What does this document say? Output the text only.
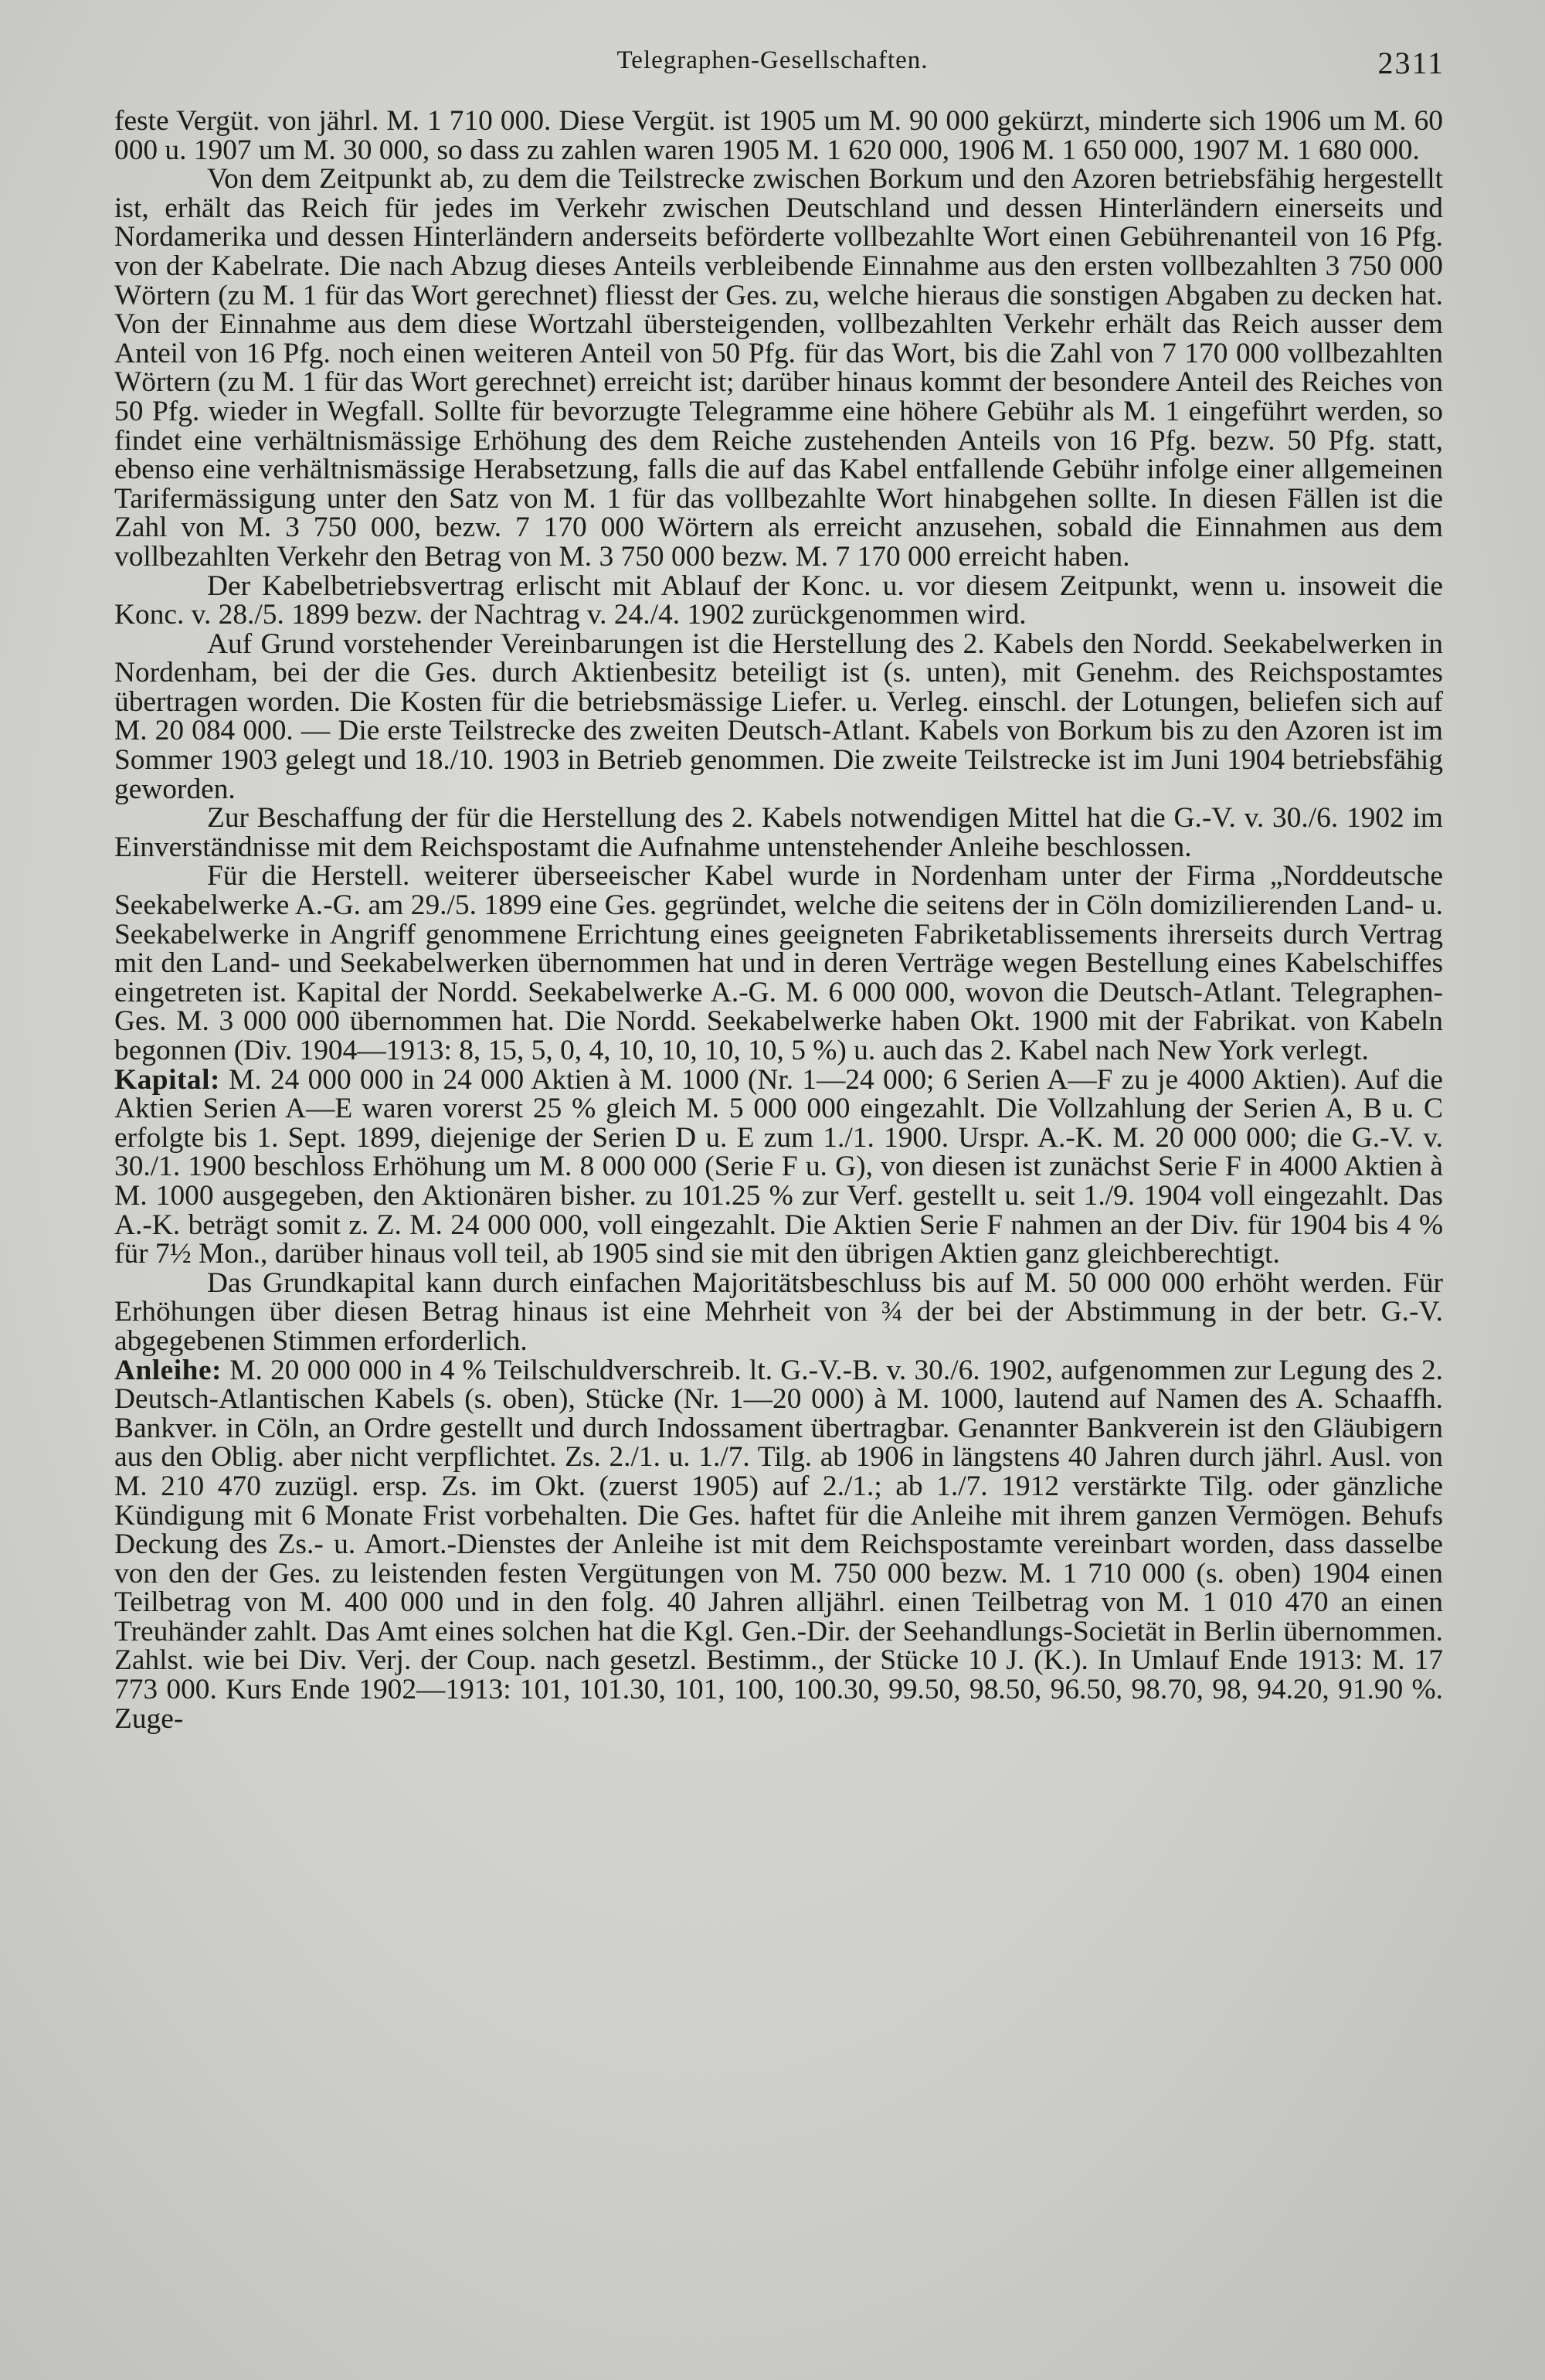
Telegraphen-Gesellschaften.	2311

feste Vergüt. von jährl. M. 1 710 000. Diese Vergüt. ist 1905 um M. 90 000 gekürzt, minderte sich 1906 um M. 60 000 u. 1907 um M. 30 000, so dass zu zahlen waren 1905 M. 1 620 000, 1906 M. 1 650 000, 1907 M. 1 680 000.

Von dem Zeitpunkt ab, zu dem die Teilstrecke zwischen Borkum und den Azoren betriebsfähig hergestellt ist, erhält das Reich für jedes im Verkehr zwischen Deutschland und dessen Hinterländern einerseits und Nordamerika und dessen Hinterländern anderseits beförderte vollbezahlte Wort einen Gebührenanteil von 16 Pfg. von der Kabelrate. Die nach Abzug dieses Anteils verbleibende Einnahme aus den ersten vollbezahlten 3 750 000 Wörtern (zu M. 1 für das Wort gerechnet) fliesst der Ges. zu, welche hieraus die sonstigen Abgaben zu decken hat. Von der Einnahme aus dem diese Wortzahl übersteigenden, vollbezahlten Verkehr erhält das Reich ausser dem Anteil von 16 Pfg. noch einen weiteren Anteil von 50 Pfg. für das Wort, bis die Zahl von 7 170 000 vollbezahlten Wörtern (zu M. 1 für das Wort gerechnet) erreicht ist; darüber hinaus kommt der besondere Anteil des Reiches von 50 Pfg. wieder in Wegfall. Sollte für bevorzugte Telegramme eine höhere Gebühr als M. 1 eingeführt werden, so findet eine verhältnismässige Erhöhung des dem Reiche zustehenden Anteils von 16 Pfg. bezw. 50 Pfg. statt, ebenso eine verhältnismässige Herabsetzung, falls die auf das Kabel entfallende Gebühr infolge einer allgemeinen Tarifermässigung unter den Satz von M. 1 für das vollbezahlte Wort hinabgehen sollte. In diesen Fällen ist die Zahl von M. 3 750 000, bezw. 7 170 000 Wörtern als erreicht anzusehen, sobald die Einnahmen aus dem vollbezahlten Verkehr den Betrag von M. 3 750 000 bezw. M. 7 170 000 erreicht haben.

Der Kabelbetriebsvertrag erlischt mit Ablauf der Konc. u. vor diesem Zeitpunkt, wenn u. insoweit die Konc. v. 28./5. 1899 bezw. der Nachtrag v. 24./4. 1902 zurückgenommen wird.

Auf Grund vorstehender Vereinbarungen ist die Herstellung des 2. Kabels den Nordd. Seekabelwerken in Nordenham, bei der die Ges. durch Aktienbesitz beteiligt ist (s. unten), mit Genehm. des Reichspostamtes übertragen worden. Die Kosten für die betriebsmässige Liefer. u. Verleg. einschl. der Lotungen, beliefen sich auf M. 20 084 000. — Die erste Teilstrecke des zweiten Deutsch-Atlant. Kabels von Borkum bis zu den Azoren ist im Sommer 1903 gelegt und 18./10. 1903 in Betrieb genommen. Die zweite Teilstrecke ist im Juni 1904 betriebsfähig geworden.

Zur Beschaffung der für die Herstellung des 2. Kabels notwendigen Mittel hat die G.-V. v. 30./6. 1902 im Einverständnisse mit dem Reichspostamt die Aufnahme untenstehender Anleihe beschlossen.

Für die Herstell. weiterer überseeischer Kabel wurde in Nordenham unter der Firma „Norddeutsche Seekabelwerke A.-G. am 29./5. 1899 eine Ges. gegründet, welche die seitens der in Cöln domizilierenden Land- u. Seekabelwerke in Angriff genommene Errichtung eines geeigneten Fabriketablissements ihrerseits durch Vertrag mit den Land- und Seekabelwerken übernommen hat und in deren Verträge wegen Bestellung eines Kabelschiffes eingetreten ist. Kapital der Nordd. Seekabelwerke A.-G. M. 6 000 000, wovon die Deutsch-Atlant. Telegraphen-Ges. M. 3 000 000 übernommen hat. Die Nordd. Seekabelwerke haben Okt. 1900 mit der Fabrikat. von Kabeln begonnen (Div. 1904—1913: 8, 15, 5, 0, 4, 10, 10, 10, 10, 5 %) u. auch das 2. Kabel nach New York verlegt.

Kapital: M. 24 000 000 in 24 000 Aktien à M. 1000 (Nr. 1—24 000; 6 Serien A—F zu je 4000 Aktien). Auf die Aktien Serien A—E waren vorerst 25 % gleich M. 5 000 000 eingezahlt. Die Vollzahlung der Serien A, B u. C erfolgte bis 1. Sept. 1899, diejenige der Serien D u. E zum 1./1. 1900. Urspr. A.-K. M. 20 000 000; die G.-V. v. 30./1. 1900 beschloss Erhöhung um M. 8 000 000 (Serie F u. G), von diesen ist zunächst Serie F in 4000 Aktien à M. 1000 ausgegeben, den Aktionären bisher. zu 101.25 % zur Verf. gestellt u. seit 1./9. 1904 voll eingezahlt. Das A.-K. beträgt somit z. Z. M. 24 000 000, voll eingezahlt. Die Aktien Serie F nahmen an der Div. für 1904 bis 4 % für 7½ Mon., darüber hinaus voll teil, ab 1905 sind sie mit den übrigen Aktien ganz gleichberechtigt.

Das Grundkapital kann durch einfachen Majoritätsbeschluss bis auf M. 50 000 000 erhöht werden. Für Erhöhungen über diesen Betrag hinaus ist eine Mehrheit von ¾ der bei der Abstimmung in der betr. G.-V. abgegebenen Stimmen erforderlich.

Anleihe: M. 20 000 000 in 4 % Teilschuldverschreib. lt. G.-V.-B. v. 30./6. 1902, aufgenommen zur Legung des 2. Deutsch-Atlantischen Kabels (s. oben), Stücke (Nr. 1—20 000) à M. 1000, lautend auf Namen des A. Schaaffh. Bankver. in Cöln, an Ordre gestellt und durch Indossament übertragbar. Genannter Bankverein ist den Gläubigern aus den Oblig. aber nicht verpflichtet. Zs. 2./1. u. 1./7. Tilg. ab 1906 in längstens 40 Jahren durch jährl. Ausl. von M. 210 470 zuzügl. ersp. Zs. im Okt. (zuerst 1905) auf 2./1.; ab 1./7. 1912 verstärkte Tilg. oder gänzliche Kündigung mit 6 Monate Frist vorbehalten. Die Ges. haftet für die Anleihe mit ihrem ganzen Vermögen. Behufs Deckung des Zs.- u. Amort.-Dienstes der Anleihe ist mit dem Reichspostamte vereinbart worden, dass dasselbe von den der Ges. zu leistenden festen Vergütungen von M. 750 000 bezw. M. 1 710 000 (s. oben) 1904 einen Teilbetrag von M. 400 000 und in den folg. 40 Jahren alljährl. einen Teilbetrag von M. 1 010 470 an einen Treuhänder zahlt. Das Amt eines solchen hat die Kgl. Gen.-Dir. der Seehandlungs-Societät in Berlin übernommen. Zahlst. wie bei Div. Verj. der Coup. nach gesetzl. Bestimm., der Stücke 10 J. (K.). In Umlauf Ende 1913: M. 17 773 000. Kurs Ende 1902—1913: 101, 101.30, 101, 100, 100.30, 99.50, 98.50, 96.50, 98.70, 98, 94.20, 91.90 %. Zuge-
